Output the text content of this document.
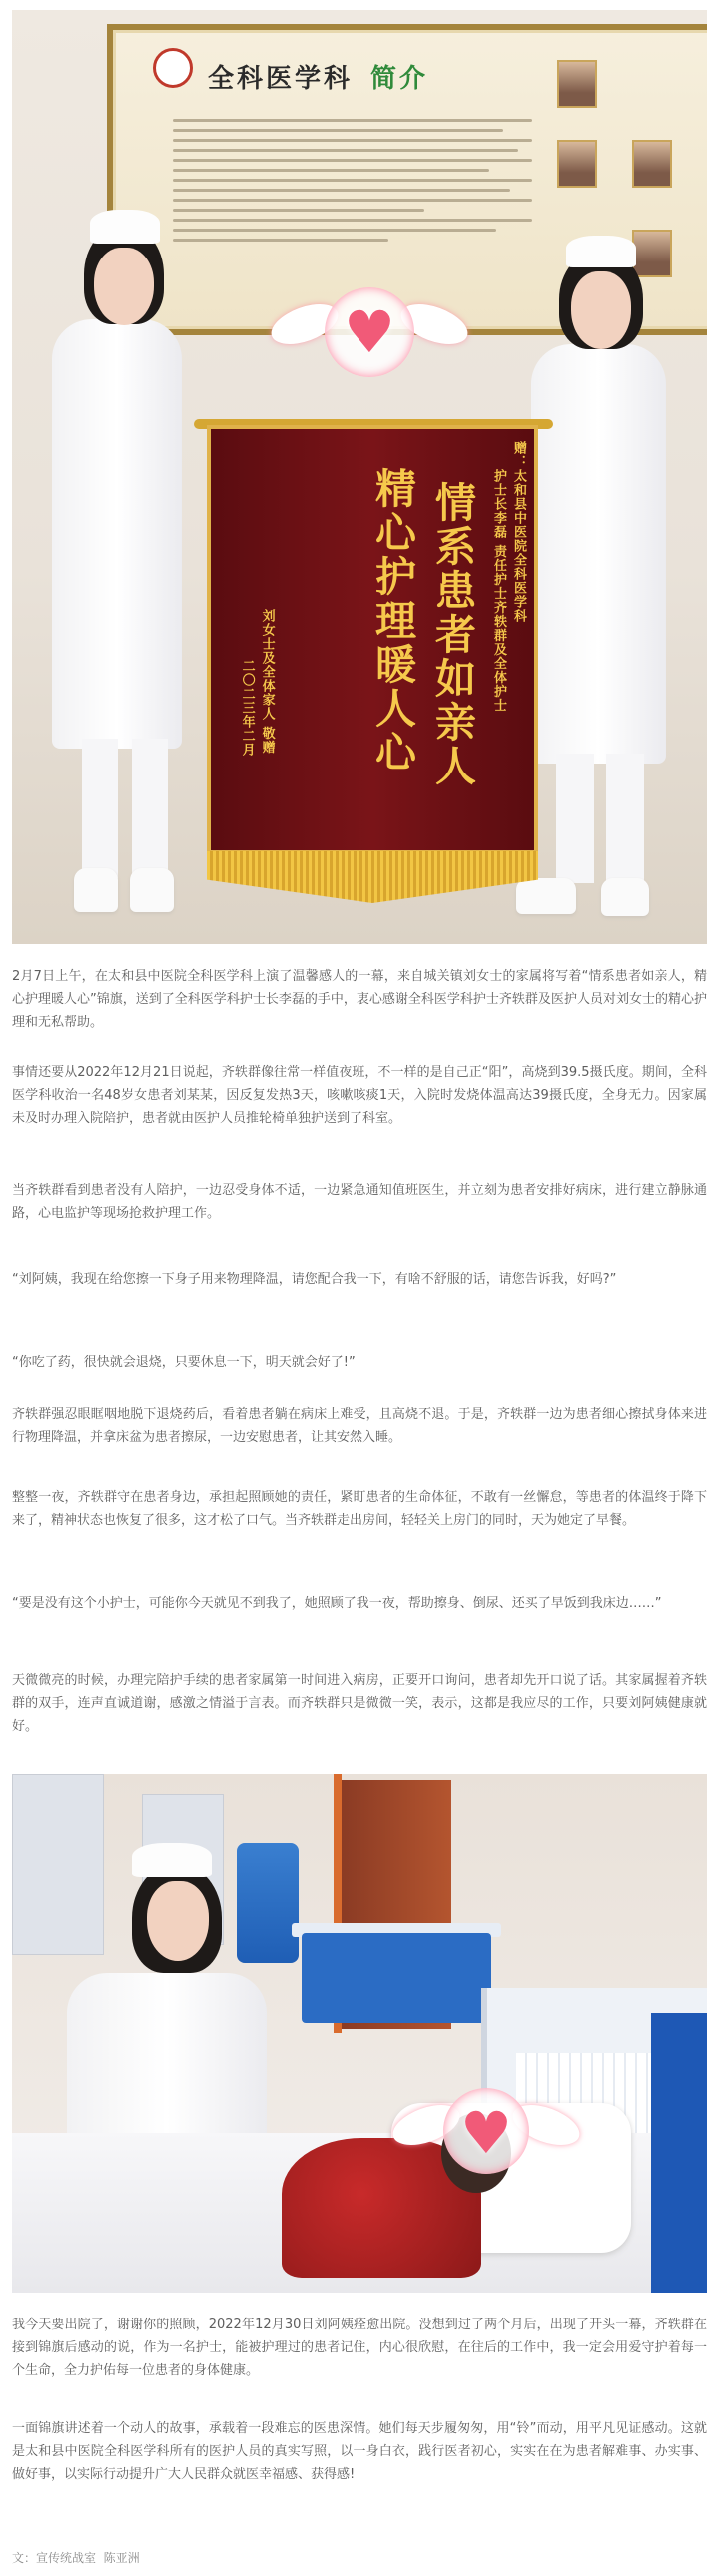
全科医学科 简介
♥
赠：太和县中医院全科医学科
护士长李磊 责任护士齐轶群及全体护士
情系患者如亲人
精心护理暖人心
刘女士及全体家人 敬赠
二〇二三年二月

2月7日上午，在太和县中医院全科医学科上演了温馨感人的一幕，来自城关镇刘女士的家属将写着“情系患者如亲人，精心护理暖人心”锦旗，送到了全科医学科护士长李磊的手中，衷心感谢全科医学科护士齐轶群及医护人员对刘女士的精心护理和无私帮助。

事情还要从2022年12月21日说起，齐轶群像往常一样值夜班，不一样的是自己正“阳”，高烧到39.5摄氏度。期间，全科医学科收治一名48岁女患者刘某某，因反复发热3天，咳嗽咳痰1天，入院时发烧体温高达39摄氏度，全身无力。因家属未及时办理入院陪护，患者就由医护人员推轮椅单独护送到了科室。

当齐轶群看到患者没有人陪护，一边忍受身体不适，一边紧急通知值班医生，并立刻为患者安排好病床，进行建立静脉通路，心电监护等现场抢救护理工作。

“刘阿姨，我现在给您擦一下身子用来物理降温，请您配合我一下，有啥不舒服的话，请您告诉我，好吗?”

“你吃了药，很快就会退烧，只要休息一下，明天就会好了!”

齐轶群强忍眼眶咽地脱下退烧药后，看着患者躺在病床上难受，且高烧不退。于是，齐轶群一边为患者细心擦拭身体来进行物理降温，并拿床盆为患者擦尿，一边安慰患者，让其安然入睡。

整整一夜，齐轶群守在患者身边，承担起照顾她的责任，紧盯患者的生命体征，不敢有一丝懈怠，等患者的体温终于降下来了，精神状态也恢复了很多，这才松了口气。当齐轶群走出房间，轻轻关上房门的同时，天为她定了早餐。

“要是没有这个小护士，可能你今天就见不到我了，她照顾了我一夜，帮助擦身、倒尿、还买了早饭到我床边……”

天微微亮的时候，办理完陪护手续的患者家属第一时间进入病房，正要开口询问，患者却先开口说了话。其家属握着齐轶群的双手，连声直诚道谢，感激之情溢于言表。而齐轶群只是微微一笑，表示，这都是我应尽的工作，只要刘阿姨健康就好。

♥

我今天要出院了，谢谢你的照顾，2022年12月30日刘阿姨痊愈出院。没想到过了两个月后，出现了开头一幕，齐轶群在接到锦旗后感动的说，作为一名护士，能被护理过的患者记住，内心很欣慰，在往后的工作中，我一定会用爱守护着每一个生命，全力护佑每一位患者的身体健康。

一面锦旗讲述着一个动人的故事，承载着一段难忘的医患深情。她们每天步履匆匆，用“铃”而动，用平凡见证感动。这就是太和县中医院全科医学科所有的医护人员的真实写照，以一身白衣，践行医者初心，实实在在为患者解难事、办实事、做好事，以实际行动提升广大人民群众就医幸福感、获得感!

文：宣传统战室  陈亚洲
